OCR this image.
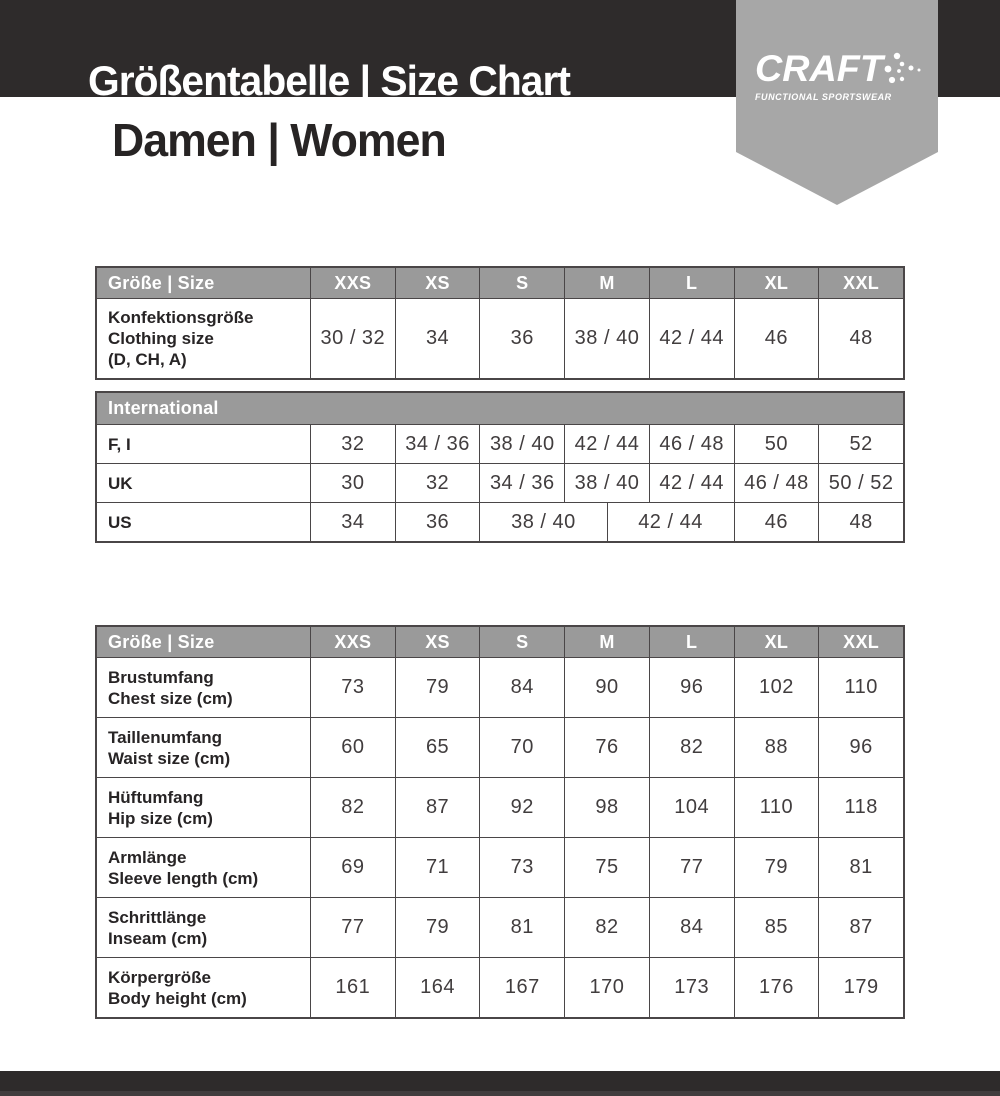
Größentabelle | Size Chart
Damen | Women
CRAFT
FUNCTIONAL SPORTSWEAR
Größe | Size	XXS	XS	S	M	L	XL	XXL
Konfektionsgröße
Clothing size
(D, CH, A)
30 / 32	34	36	38 / 40	42 / 44	46	48
International
F, I	32	34 / 36	38 / 40	42 / 44	46 / 48	50	52
UK	30	32	34 / 36	38 / 40	42 / 44	46 / 48	50 / 52
US	34	36	38 / 40	42 / 44	46	48
Größe | Size	XXS	XS	S	M	L	XL	XXL
Brustumfang
Chest size (cm)	73	79	84	90	96	102	110
Taillenumfang
Waist size (cm)	60	65	70	76	82	88	96
Hüftumfang
Hip size (cm)	82	87	92	98	104	110	118
Armlänge
Sleeve length (cm)	69	71	73	75	77	79	81
Schrittlänge
Inseam (cm)	77	79	81	82	84	85	87
Körpergröße
Body height (cm)	161	164	167	170	173	176	179
